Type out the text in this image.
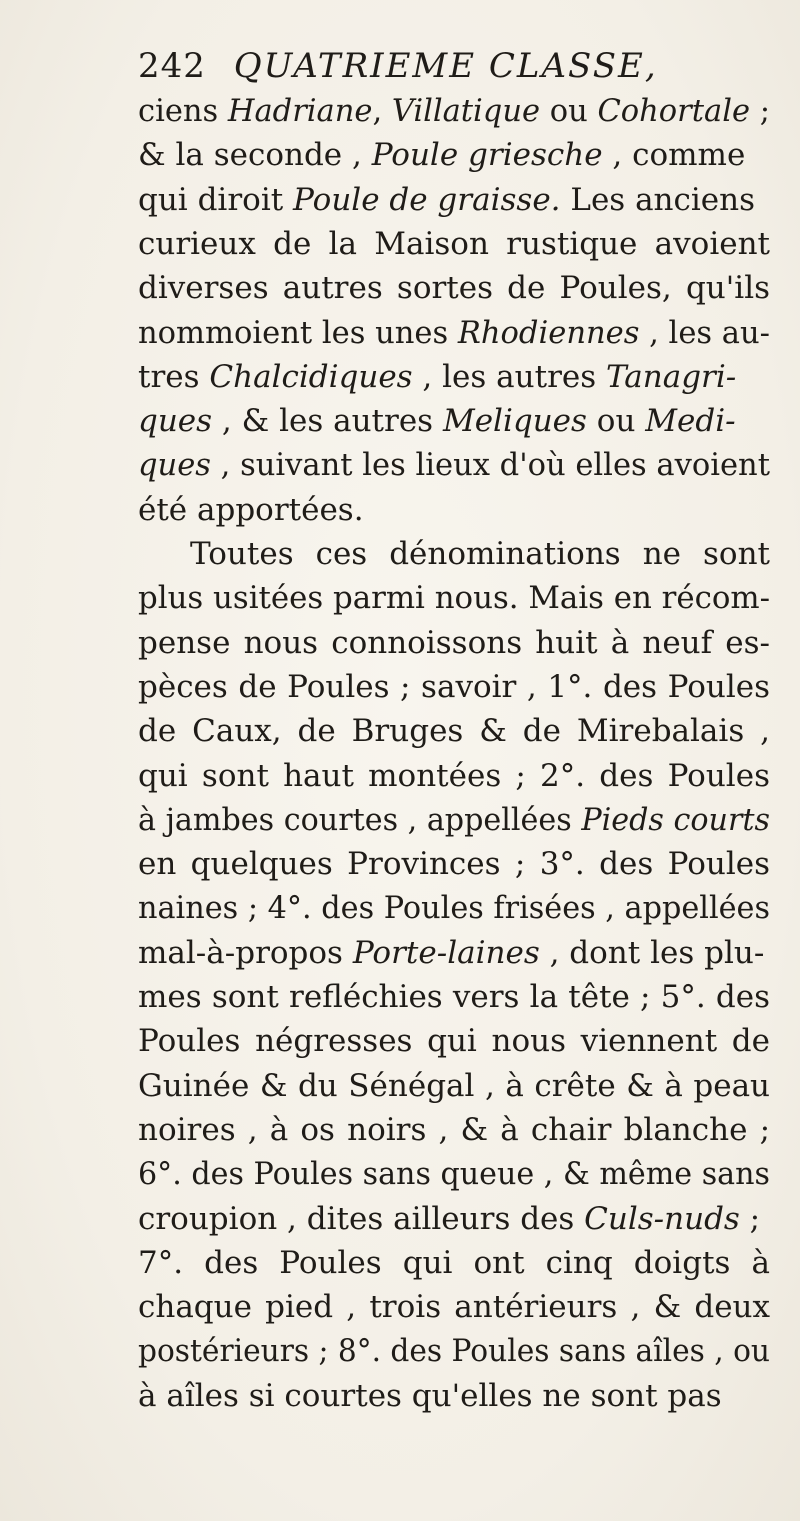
242 QUATRIEME CLASSE,
ciens Hadriane, Villatique ou Cohortale ;
& la seconde , Poule griesche , comme
qui diroit Poule de graisse. Les anciens
curieux de la Maison rustique avoient
diverses autres sortes de Poules, qu'ils
nommoient les unes Rhodiennes , les au-
tres Chalcidiques , les autres Tanagri-
ques , & les autres Meliques ou Medi-
ques , suivant les lieux d'où elles avoient
été apportées.
Toutes ces dénominations ne sont
plus usitées parmi nous. Mais en récom-
pense nous connoissons huit à neuf es-
pèces de Poules ; savoir , 1°. des Poules
de Caux, de Bruges & de Mirebalais ,
qui sont haut montées ; 2°. des Poules
à jambes courtes , appellées Pieds courts
en quelques Provinces ; 3°. des Poules
naines ; 4°. des Poules frisées , appellées
mal-à-propos Porte-laines , dont les plu-
mes sont refléchies vers la tête ; 5°. des
Poules négresses qui nous viennent de
Guinée & du Sénégal , à crête & à peau
noires , à os noirs , & à chair blanche ;
6°. des Poules sans queue , & même sans
croupion , dites ailleurs des Culs-nuds ;
7°. des Poules qui ont cinq doigts à
chaque pied , trois antérieurs , & deux
postérieurs ; 8°. des Poules sans aîles , ou
à aîles si courtes qu'elles ne sont pas
